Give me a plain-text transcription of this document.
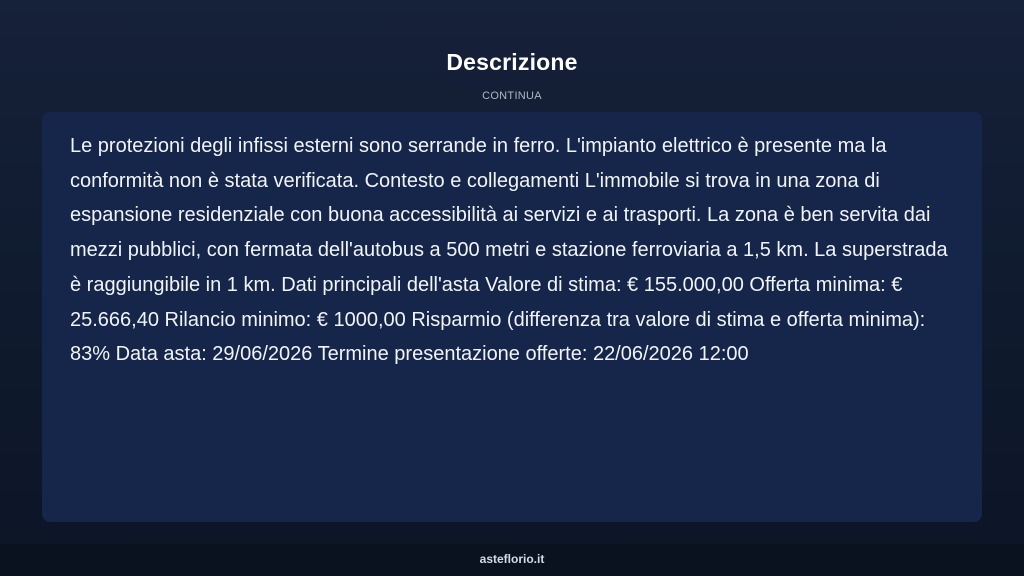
Descrizione
CONTINUA

Le protezioni degli infissi esterni sono serrande in ferro. L'impianto elettrico è presente ma la conformità non è stata verificata. Contesto e collegamenti L'immobile si trova in una zona di espansione residenziale con buona accessibilità ai servizi e ai trasporti. La zona è ben servita dai mezzi pubblici, con fermata dell'autobus a 500 metri e stazione ferroviaria a 1,5 km. La superstrada è raggiungibile in 1 km. Dati principali dell'asta Valore di stima: € 155.000,00 Offerta minima: € 25.666,40 Rilancio minimo: € 1000,00 Risparmio (differenza tra valore di stima e offerta minima): 83% Data asta: 29/06/2026 Termine presentazione offerte: 22/06/2026 12:00

asteflorio.it
